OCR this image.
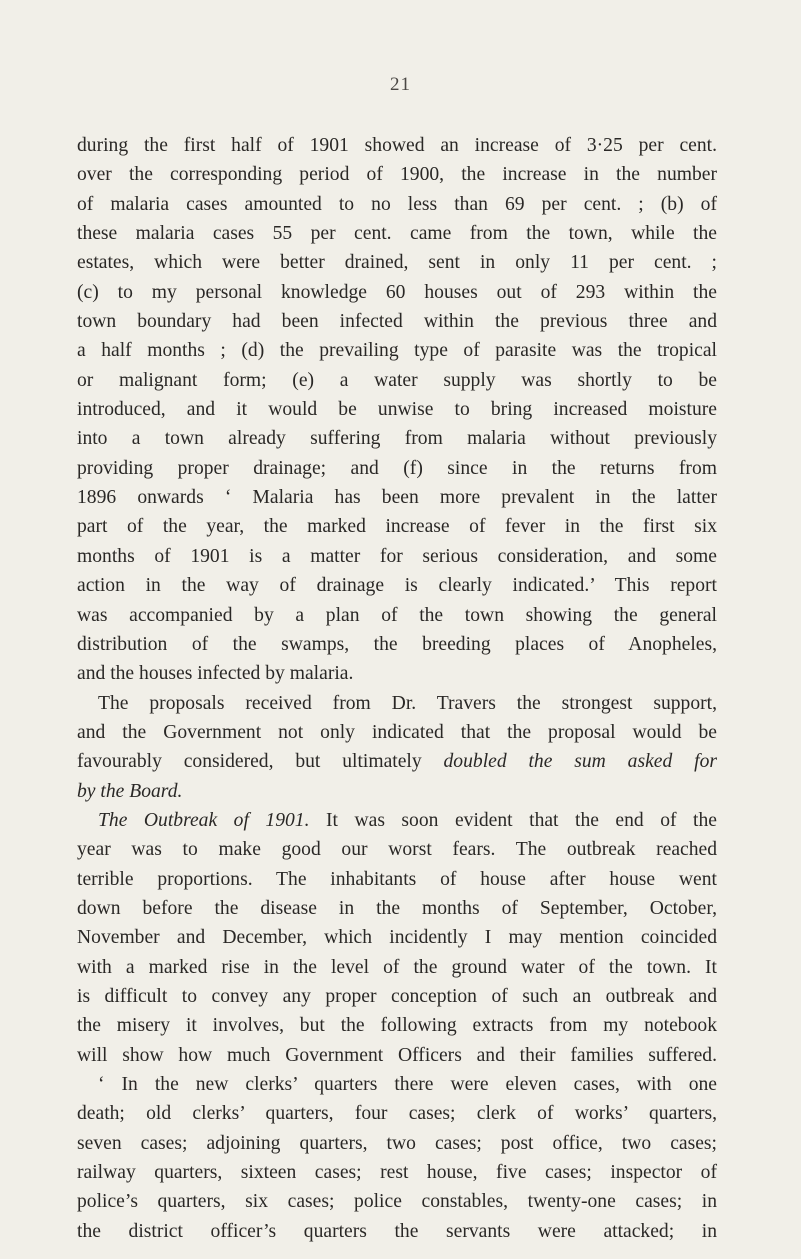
21

during the first half of 1901 showed an increase of 3·25 per cent.

over the corresponding period of 1900, the increase in the number

of malaria cases amounted to no less than 69 per cent. ; (b) of

these malaria cases 55 per cent. came from the town, while the

estates, which were better drained, sent in only 11 per cent. ;

(c) to my personal knowledge 60 houses out of 293 within the

town boundary had been infected within the previous three and

a half months ; (d) the prevailing type of parasite was the tropical

or malignant form; (e) a water supply was shortly to be

introduced, and it would be unwise to bring increased moisture

into a town already suffering from malaria without previously

providing proper drainage; and (f) since in the returns from

1896 onwards ‘ Malaria has been more prevalent in the latter

part of the year, the marked increase of fever in the first six

months of 1901 is a matter for serious consideration, and some

action in the way of drainage is clearly indicated.’ This report

was accompanied by a plan of the town showing the general

distribution of the swamps, the breeding places of Anopheles,

and the houses infected by malaria.

The proposals received from Dr. Travers the strongest support,

and the Government not only indicated that the proposal would be

favourably considered, but ultimately doubled the sum asked for

by the Board.

The Outbreak of 1901. It was soon evident that the end of the

year was to make good our worst fears. The outbreak reached

terrible proportions. The inhabitants of house after house went

down before the disease in the months of September, October,

November and December, which incidently I may mention coincided

with a marked rise in the level of the ground water of the town. It

is difficult to convey any proper conception of such an outbreak and

the misery it involves, but the following extracts from my notebook

will show how much Government Officers and their families suffered.

‘ In the new clerks’ quarters there were eleven cases, with one

death; old clerks’ quarters, four cases; clerk of works’ quarters,

seven cases; adjoining quarters, two cases; post office, two cases;

railway quarters, sixteen cases; rest house, five cases; inspector of

police’s quarters, six cases; police constables, twenty-one cases; in

the district officer’s quarters the servants were attacked; in
